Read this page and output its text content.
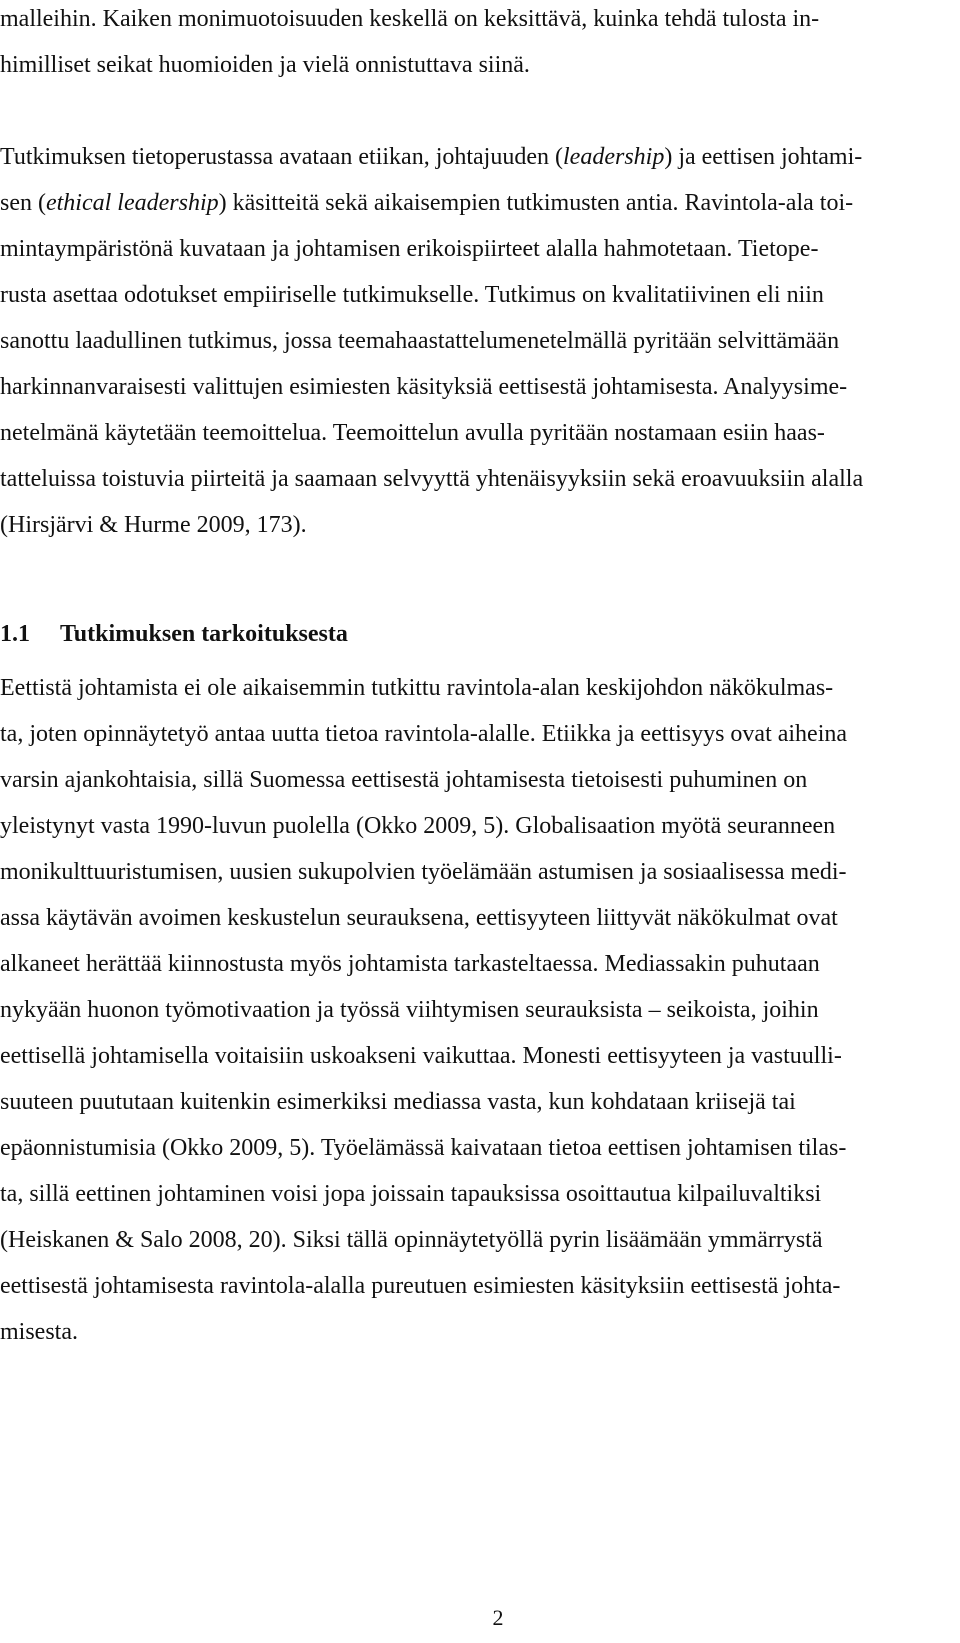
malleihin. Kaiken monimuotoisuuden keskellä on keksittävä, kuinka tehdä tulosta in-
himilliset seikat huomioiden ja vielä onnistuttava siinä.

Tutkimuksen tietoperustassa avataan etiikan, johtajuuden (leadership) ja eettisen johtami-
sen (ethical leadership) käsitteitä sekä aikaisempien tutkimusten antia. Ravintola-ala toi-
mintaympäristönä kuvataan ja johtamisen erikoispiirteet alalla hahmotetaan. Tietope-
rusta asettaa odotukset empiiriselle tutkimukselle. Tutkimus on kvalitatiivinen eli niin
sanottu laadullinen tutkimus, jossa teemahaastattelumenetelmällä pyritään selvittämään
harkinnanvaraisesti valittujen esimiesten käsityksiä eettisestä johtamisesta. Analyysime-
netelmänä käytetään teemoittelua. Teemoittelun avulla pyritään nostamaan esiin haas-
tatteluissa toistuvia piirteitä ja saamaan selvyyttä yhtenäisyyksiin sekä eroavuuksiin alalla
(Hirsjärvi & Hurme 2009, 173).

1.1 Tutkimuksen tarkoituksesta

Eettistä johtamista ei ole aikaisemmin tutkittu ravintola-alan keskijohdon näkökulmas-
ta, joten opinnäytetyö antaa uutta tietoa ravintola-alalle. Etiikka ja eettisyys ovat aiheina
varsin ajankohtaisia, sillä Suomessa eettisestä johtamisesta tietoisesti puhuminen on
yleistynyt vasta 1990-luvun puolella (Okko 2009, 5). Globalisaation myötä seuranneen
monikulttuuristumisen, uusien sukupolvien työelämään astumisen ja sosiaalisessa medi-
assa käytävän avoimen keskustelun seurauksena, eettisyyteen liittyvät näkökulmat ovat
alkaneet herättää kiinnostusta myös johtamista tarkasteltaessa. Mediassakin puhutaan
nykyään huonon työmotivaation ja työssä viihtymisen seurauksista – seikoista, joihin
eettisellä johtamisella voitaisiin uskoakseni vaikuttaa. Monesti eettisyyteen ja vastuulli-
suuteen puututaan kuitenkin esimerkiksi mediassa vasta, kun kohdataan kriisejä tai
epäonnistumisia (Okko 2009, 5). Työelämässä kaivataan tietoa eettisen johtamisen tilas-
ta, sillä eettinen johtaminen voisi jopa joissain tapauksissa osoittautua kilpailuvaltiksi
(Heiskanen & Salo 2008, 20). Siksi tällä opinnäytetyöllä pyrin lisäämään ymmärrystä
eettisestä johtamisesta ravintola-alalla pureutuen esimiesten käsityksiin eettisestä johta-
misesta.

2
